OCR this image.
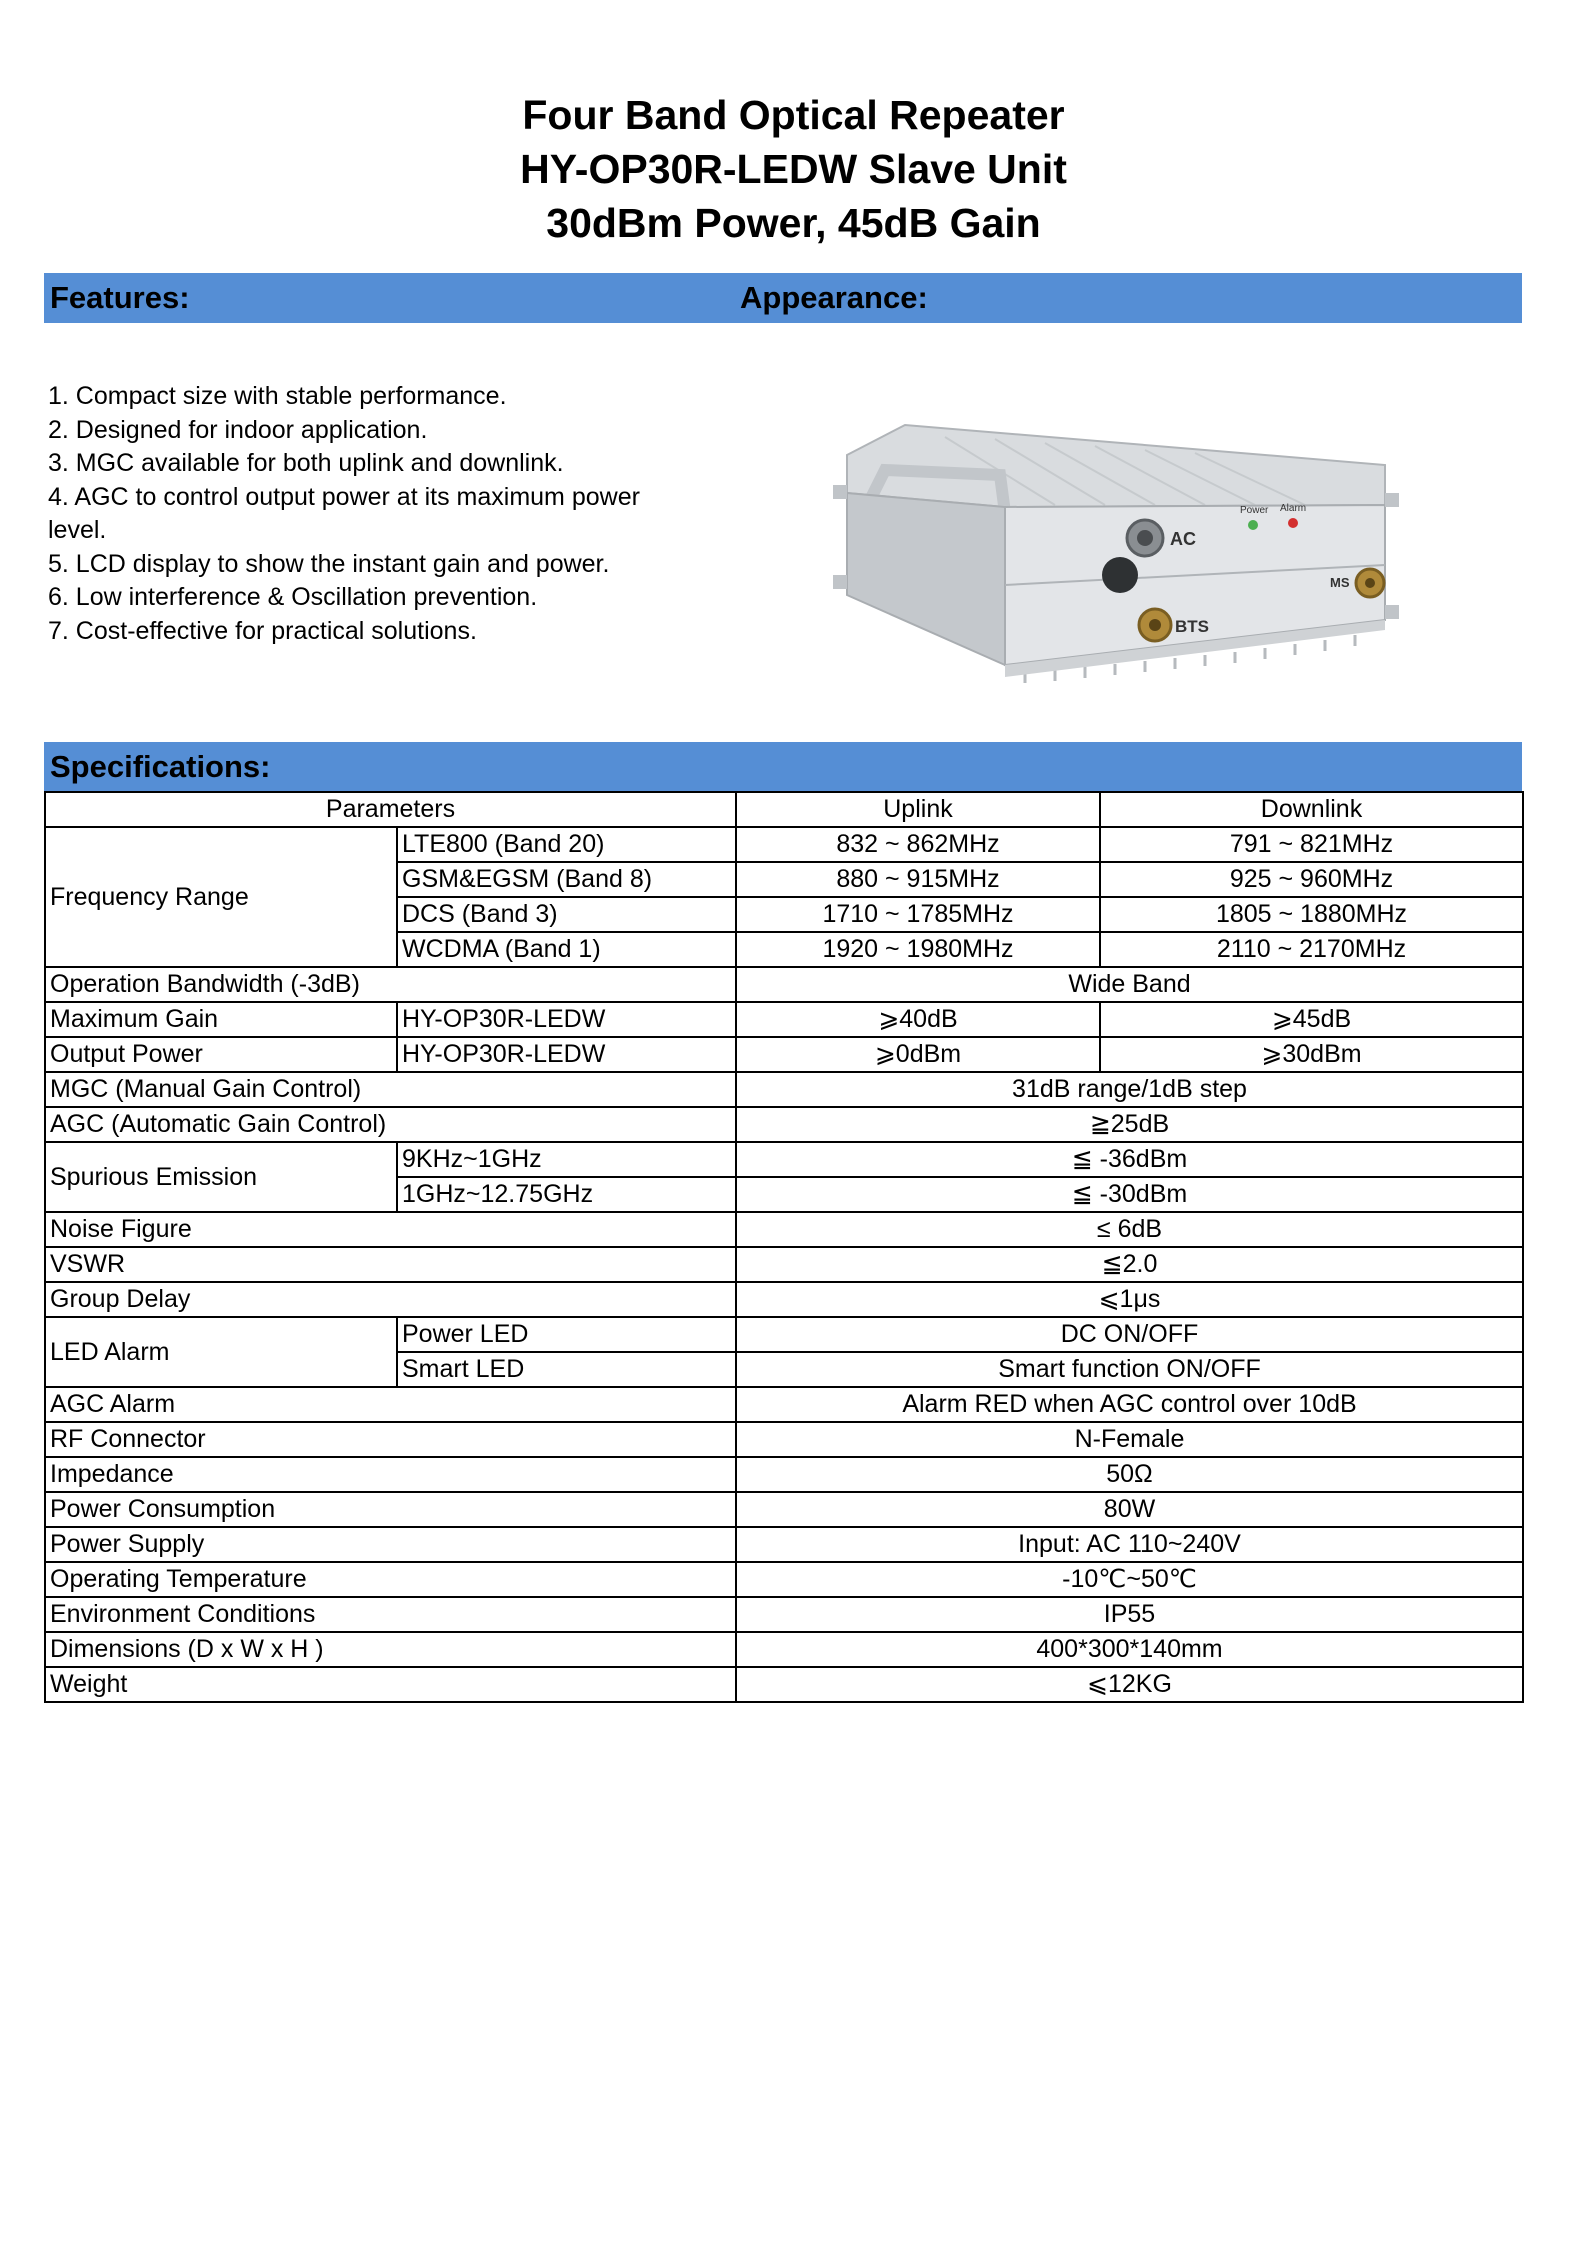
Four Band Optical Repeater
HY-OP30R-LEDW Slave Unit
30dBm Power, 45dB Gain
Features:	Appearance:
1. Compact size with stable performance.
2. Designed for indoor application.
3. MGC available for both uplink and downlink.
4. AGC to control output power at its maximum power level.
5. LCD display to show the instant gain and power.
6. Low interference & Oscillation prevention.
7. Cost-effective for practical solutions.
AC
Power Alarm
BTS
MS
Specifications:
Parameters		Uplink	Downlink
Frequency Range	LTE800 (Band 20)	832 ~ 862MHz	791 ~ 821MHz
	GSM&EGSM (Band 8)	880 ~ 915MHz	925 ~ 960MHz
	DCS (Band 3)	1710 ~ 1785MHz	1805 ~ 1880MHz
	WCDMA (Band 1)	1920 ~ 1980MHz	2110 ~ 2170MHz
Operation Bandwidth (-3dB)		Wide Band	
Maximum Gain	HY-OP30R-LEDW	⩾40dB	⩾45dB
Output Power	HY-OP30R-LEDW	⩾0dBm	⩾30dBm
MGC (Manual Gain Control)		31dB range/1dB step	
AGC (Automatic Gain Control)		≧25dB	
Spurious Emission	9KHz~1GHz	≦ -36dBm	
	1GHz~12.75GHz	≦ -30dBm	
Noise Figure		≤ 6dB	
VSWR		≦2.0	
Group Delay		⩽1μs	
LED Alarm	Power LED	DC ON/OFF	
	Smart LED	Smart function ON/OFF	
AGC Alarm		Alarm RED when AGC control over 10dB	
RF Connector		N-Female	
Impedance		50Ω	
Power Consumption		80W	
Power Supply		Input: AC 110~240V	
Operating Temperature		-10℃~50℃	
Environment Conditions		IP55	
Dimensions (D x W x H )		400*300*140mm	
Weight		⩽12KG	
